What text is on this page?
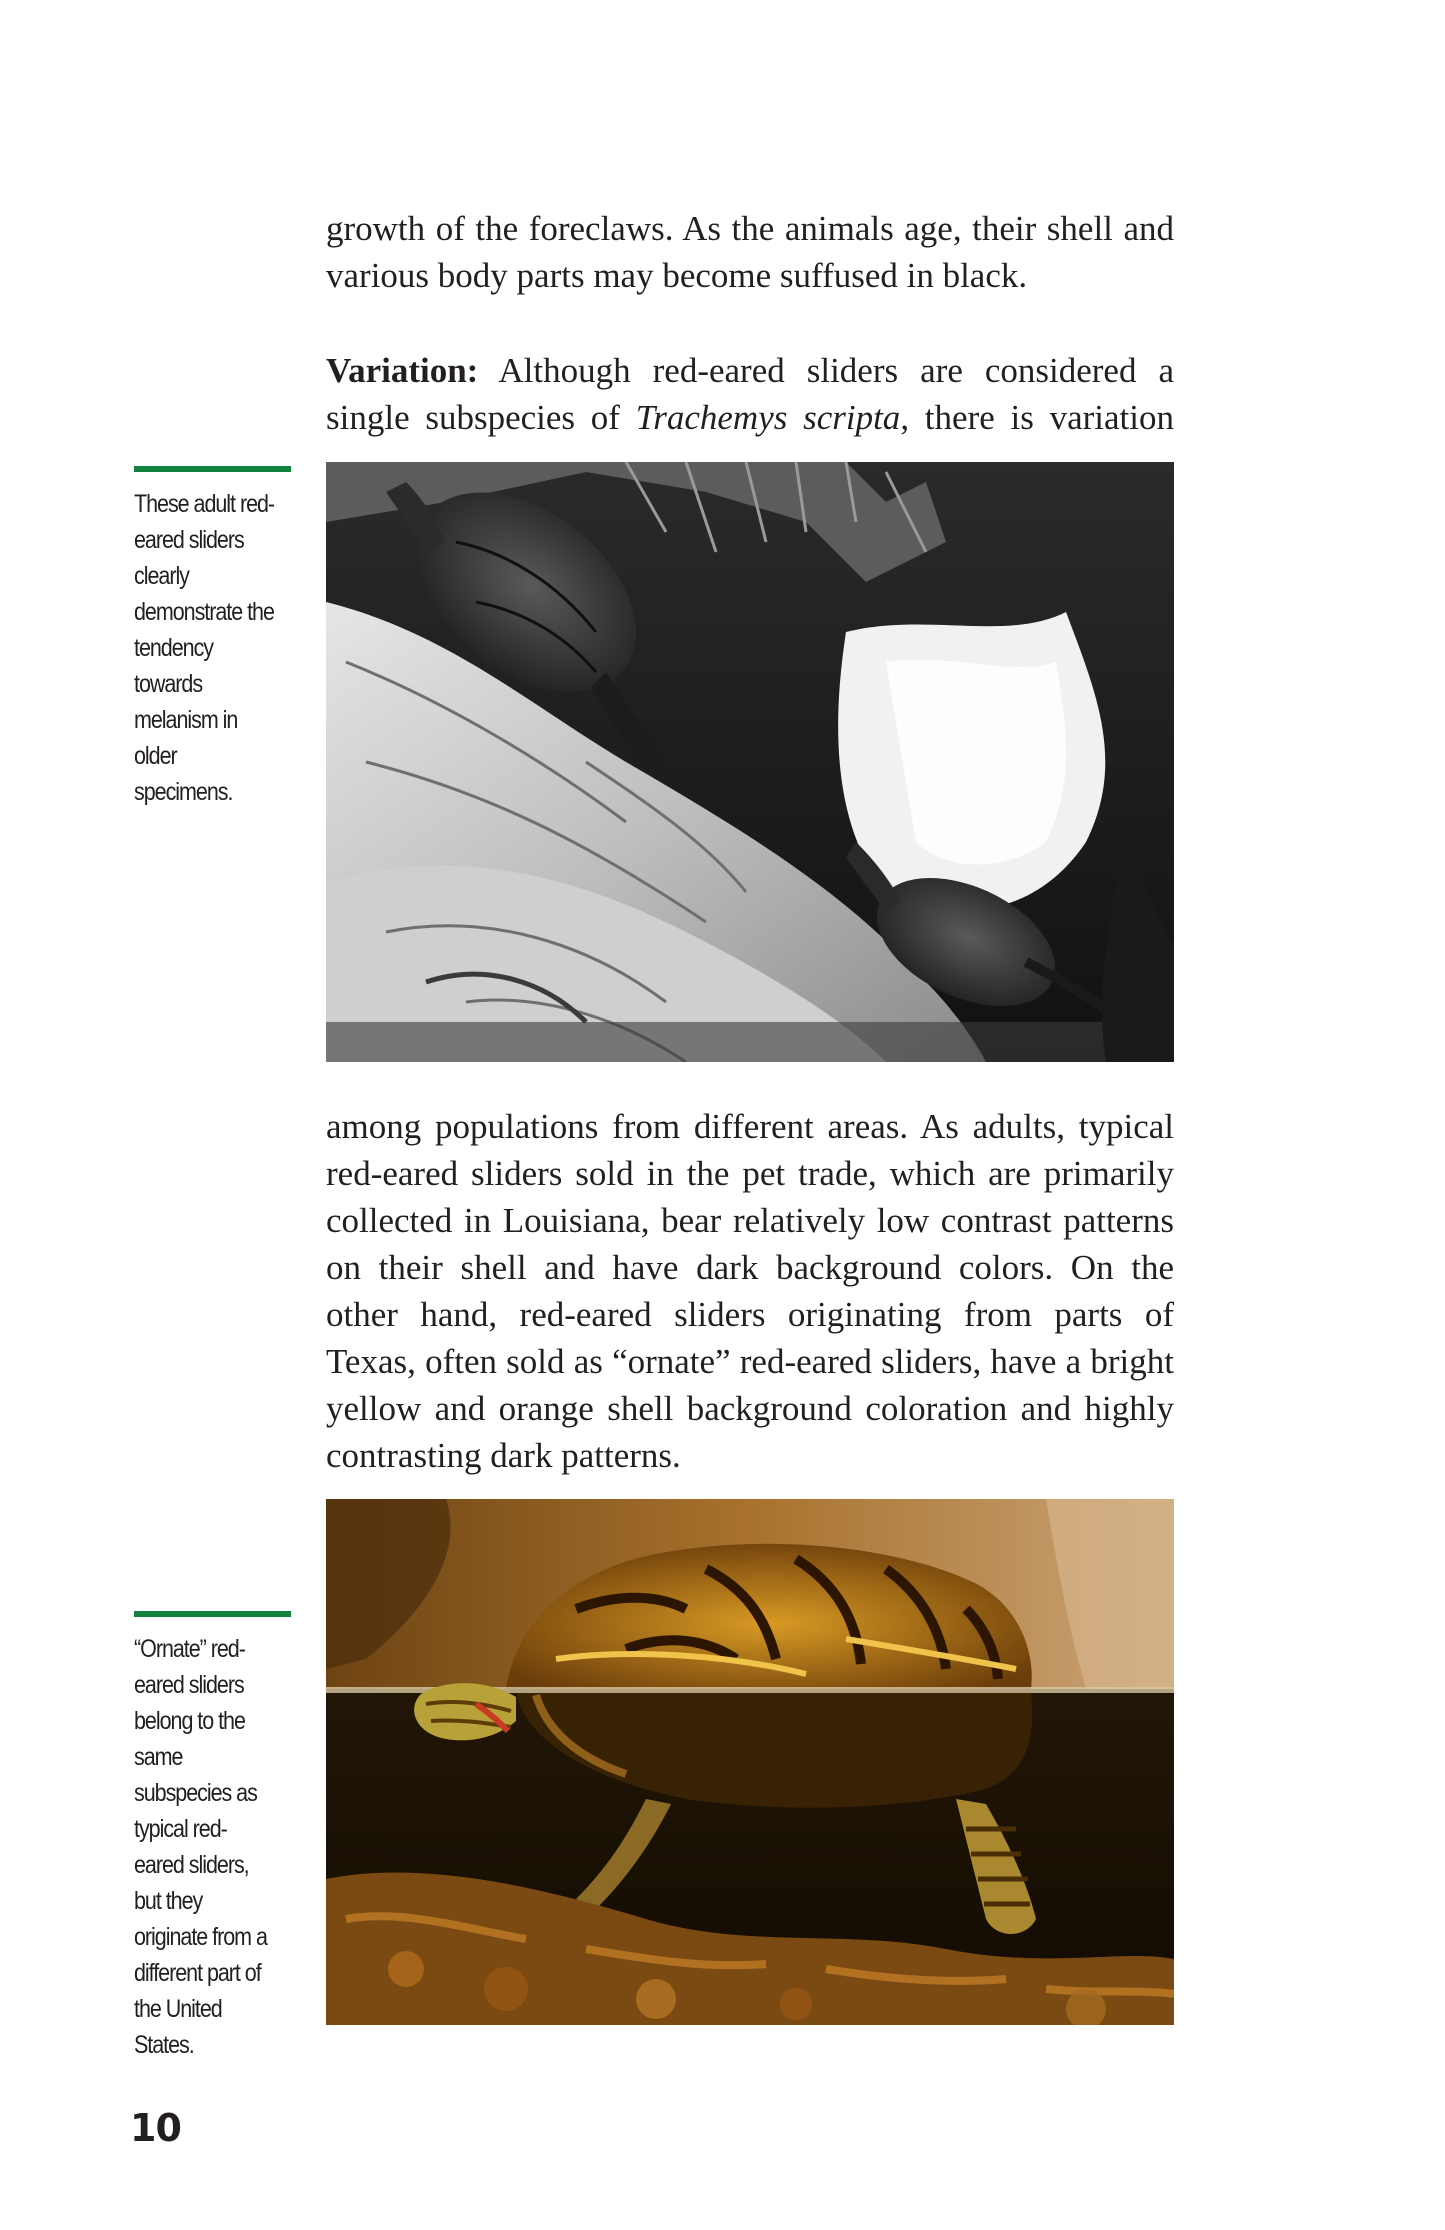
growth of the foreclaws. As the animals age, their shell and various body parts may become suffused in black.

Variation: Although red-eared sliders are considered a single subspecies of Trachemys scripta, there is variation

These adult red-eared sliders clearly demonstrate the tendency towards melanism in older specimens.

among populations from different areas. As adults, typical red-eared sliders sold in the pet trade, which are primarily collected in Louisiana, bear relatively low contrast patterns on their shell and have dark background colors. On the other hand, red-eared sliders originating from parts of Texas, often sold as “ornate” red-eared sliders, have a bright yellow and orange shell background coloration and highly contrasting dark patterns.

“Ornate” red-eared sliders belong to the same subspecies as typical red-eared sliders, but they originate from a different part of the United States.

10
